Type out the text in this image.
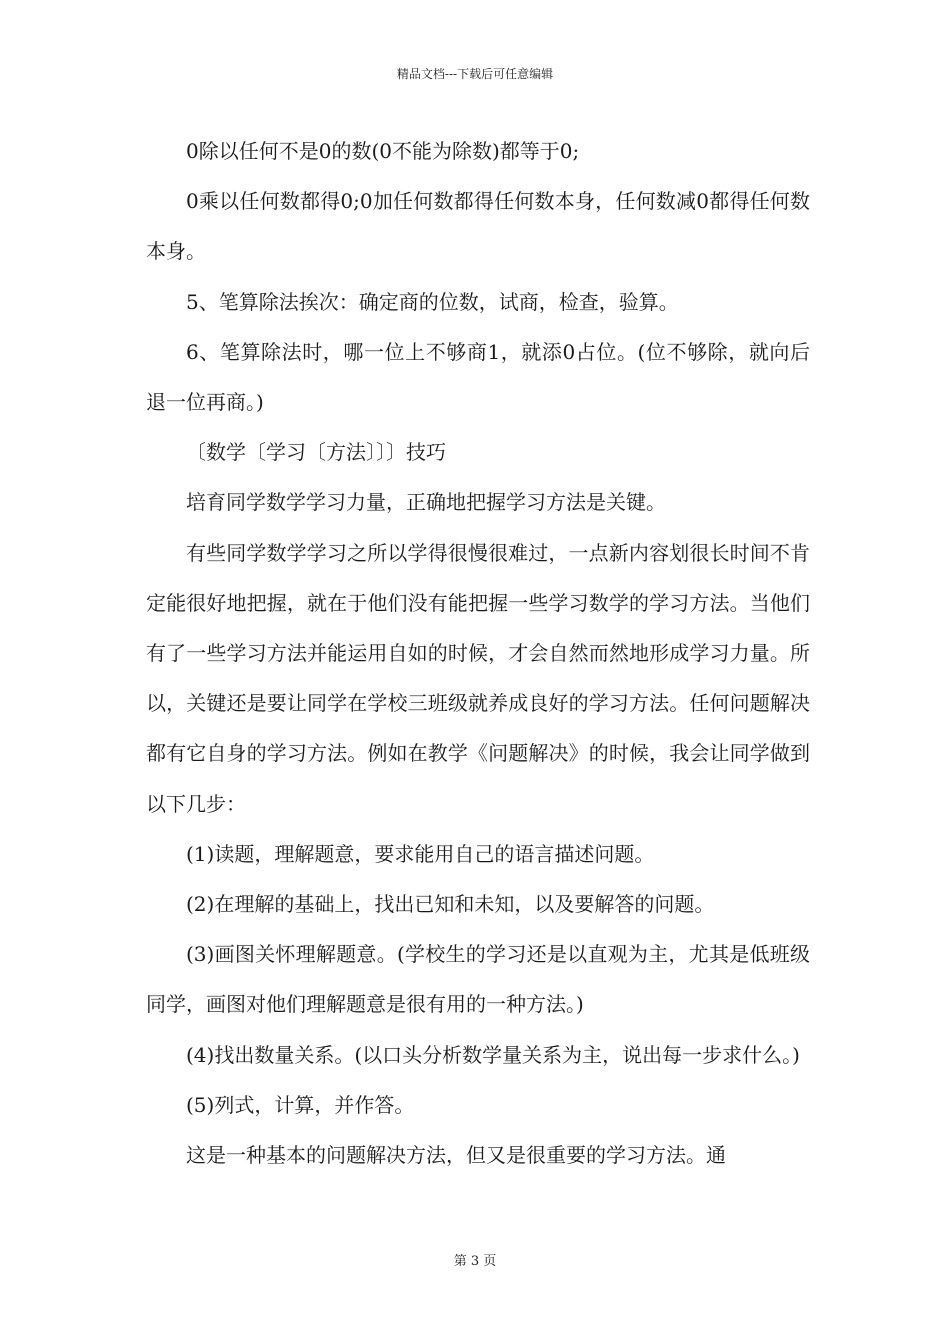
精品文档---下载后可任意编辑

0除以任何不是0的数(0不能为除数)都等于0;

0乘以任何数都得0;0加任何数都得任何数本身，任何数减0都得任何数本身。

5、笔算除法挨次：确定商的位数，试商，检查，验算。

6、笔算除法时，哪一位上不够商1，就添0占位。(位不够除，就向后退一位再商。)

〔数学〔学习〔方法〕〕〕技巧

培育同学数学学习力量，正确地把握学习方法是关键。

有些同学数学学习之所以学得很慢很难过，一点新内容划很长时间不肯定能很好地把握，就在于他们没有能把握一些学习数学的学习方法。当他们有了一些学习方法并能运用自如的时候，才会自然而然地形成学习力量。所以，关键还是要让同学在学校三班级就养成良好的学习方法。任何问题解决都有它自身的学习方法。例如在教学《问题解决》的时候，我会让同学做到以下几步：

(1)读题，理解题意，要求能用自己的语言描述问题。

(2)在理解的基础上，找出已知和未知，以及要解答的问题。

(3)画图关怀理解题意。(学校生的学习还是以直观为主，尤其是低班级同学，画图对他们理解题意是很有用的一种方法。)

(4)找出数量关系。(以口头分析数学量关系为主，说出每一步求什么。)

(5)列式，计算，并作答。

这是一种基本的问题解决方法，但又是很重要的学习方法。通

第 3 页
